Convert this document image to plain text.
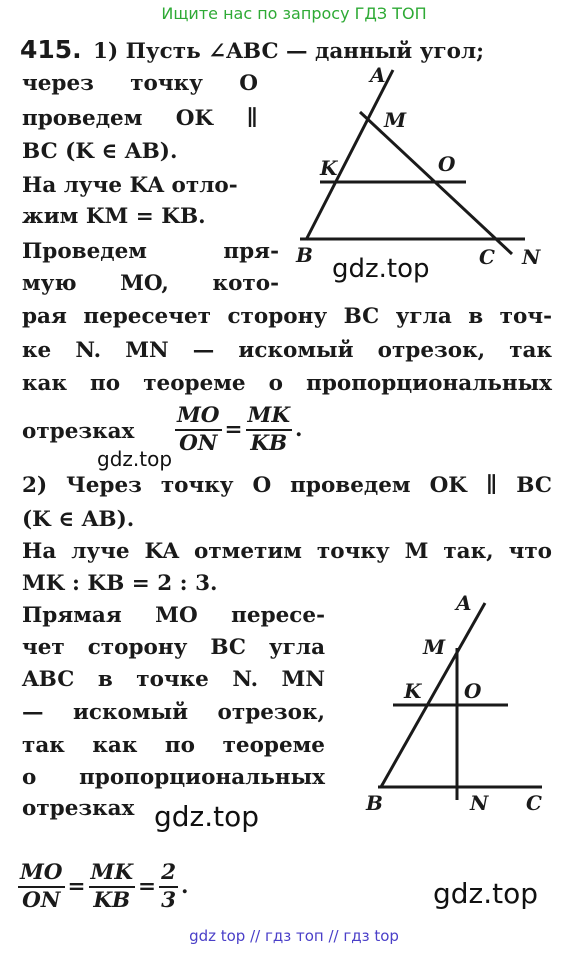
Ищите нас по запросу ГДЗ ТОП
415. 1) Пусть ∠ABC — данный угол;
через точку O
проведем OK ∥
BC (K ∈ AB).
На луче KA отло-
жим KM = KB.
Проведем пря-
мую MO, кото-
рая пересечет сторону BC угла в точ-
ке N. MN — искомый отрезок, так
как по теореме о пропорциональных
отрезках $\frac{MO}{ON} = \frac{MK}{KB}$ .
A
M
K	O
B	C N
gdz.top
gdz.top
gdz.top
gdz.top
2) Через точку O проведем OK ∥ BC
(K ∈ AB).
На луче KA отметим точку M так, что
MK : KB = 2 : 3.
Прямая MO пересе-
чет сторону BC угла
ABC в точке N. MN
— искомый отрезок,
так как по теореме
о пропорциональных
отрезках
$\frac{MO}{ON} = \frac{MK}{KB} = \frac{2}{3}$ .
A
M
K O
B	N C
gdz top // гдз топ // гдз top
